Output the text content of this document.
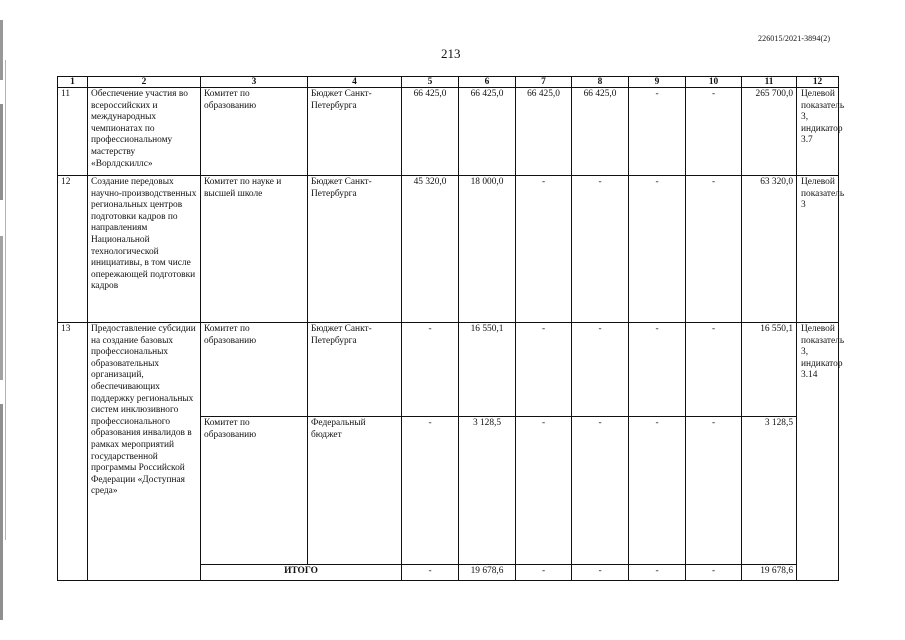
226015/2021-3894(2)
213
1	2	3	4	5	6	7	8	9	10	11	12
11	Обеспечение участия во всероссийских и международных чемпионатах по профессиональному мастерству «Ворлдскиллс»	Комитет по образованию	Бюджет Санкт-Петербурга	66 425,0	66 425,0	66 425,0	66 425,0	-	-	265 700,0	Целевой показатель 3, индикатор 3.7
12	Создание передовых научно-производственных региональных центров подготовки кадров по направлениям Национальной технологической инициативы, в том числе опережающей подготовки кадров	Комитет по науке и высшей школе	Бюджет Санкт-Петербурга	45 320,0	18 000,0	-	-	-	-	63 320,0	Целевой показатель 3
13	Предоставление субсидии на создание базовых профессиональных образовательных организаций, обеспечивающих поддержку региональных систем инклюзивного профессионального образования инвалидов в рамках мероприятий государственной программы Российской Федерации «Доступная среда»	Комитет по образованию	Бюджет Санкт-Петербурга	-	16 550,1	-	-	-	-	16 550,1	Целевой показатель 3, индикатор 3.14
		Комитет по образованию	Федеральный бюджет	-	3 128,5	-	-	-	-	3 128,5	
		ИТОГО		-	19 678,6	-	-	-	-	19 678,6	
